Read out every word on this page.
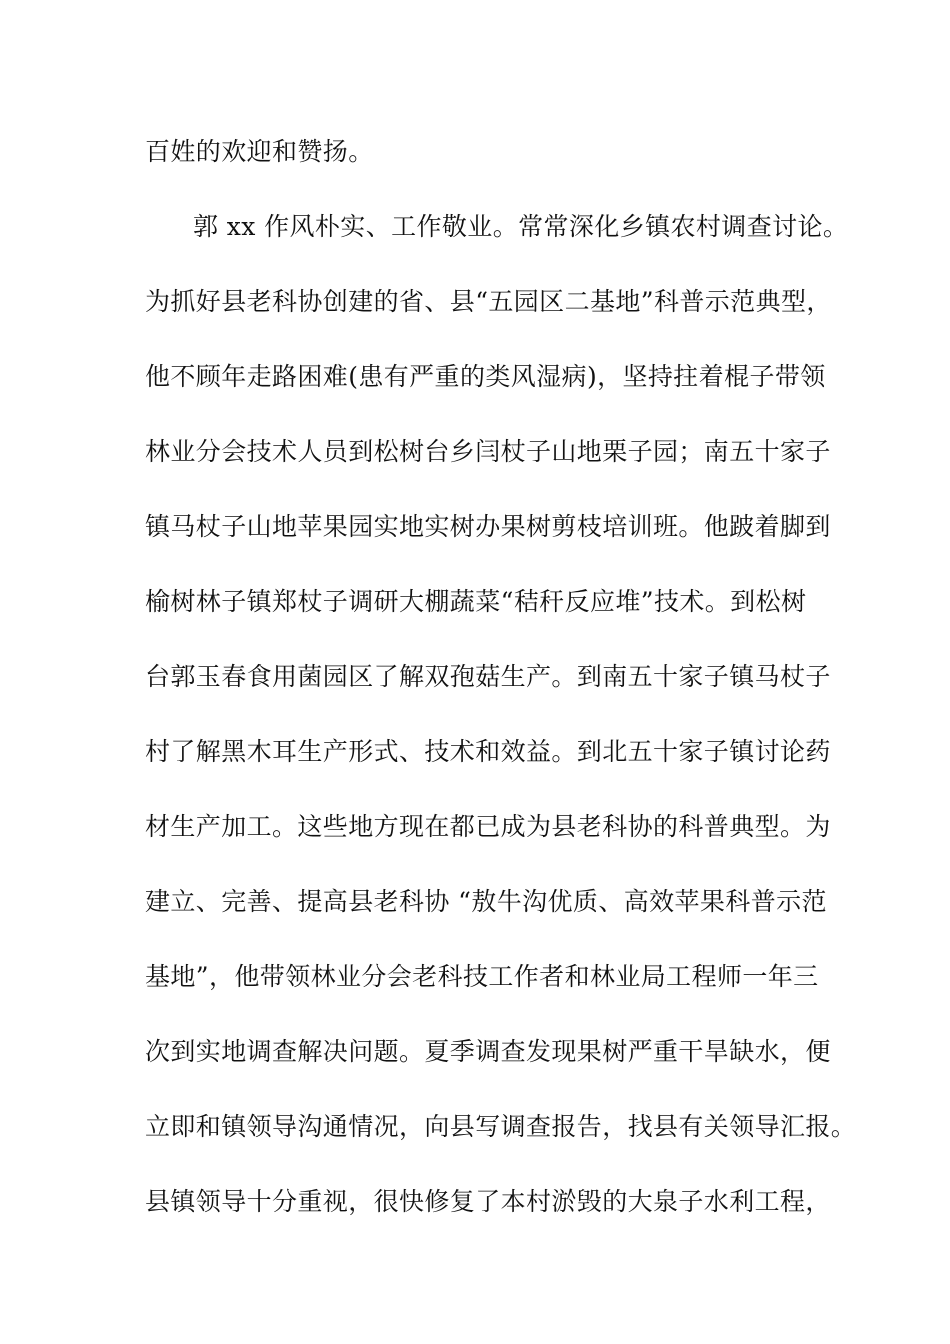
百姓的欢迎和赞扬。
郭 xx 作风朴实、工作敬业。常常深化乡镇农村调查讨论。
为抓好县老科协创建的省、县“五园区二基地”科普示范典型，
他不顾年走路困难(患有严重的类风湿病)，坚持拄着棍子带领
林业分会技术人员到松树台乡闫杖子山地栗子园；南五十家子
镇马杖子山地苹果园实地实树办果树剪枝培训班。他跛着脚到
榆树林子镇郑杖子调研大棚蔬菜“秸秆反应堆”技术。到松树
台郭玉春食用菌园区了解双孢菇生产。到南五十家子镇马杖子
村了解黑木耳生产形式、技术和效益。到北五十家子镇讨论药
材生产加工。这些地方现在都已成为县老科协的科普典型。为
建立、完善、提高县老科协 “敖牛沟优质、高效苹果科普示范
基地”，他带领林业分会老科技工作者和林业局工程师一年三
次到实地调查解决问题。夏季调查发现果树严重干旱缺水，便
立即和镇领导沟通情况，向县写调查报告，找县有关领导汇报。
县镇领导十分重视，很快修复了本村淤毁的大泉子水利工程，
